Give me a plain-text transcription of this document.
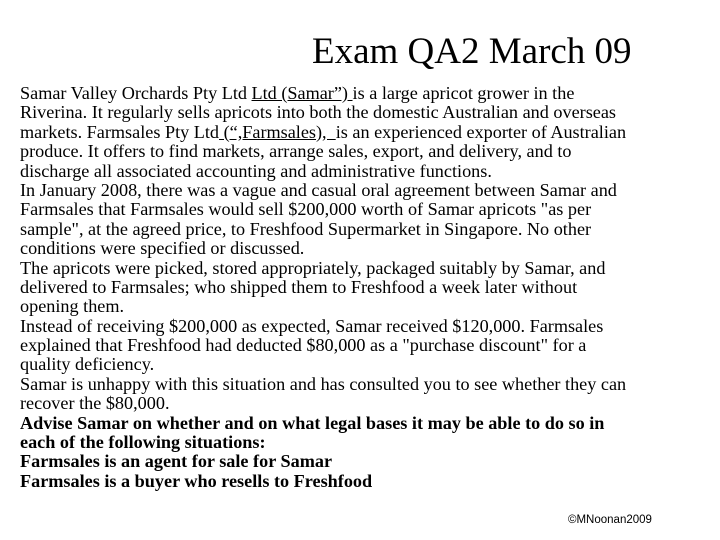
Exam QA2 March 09
Samar Valley Orchards Pty Ltd Ltd (Samar”) is a large apricot grower in the
Riverina. It regularly sells apricots into both the domestic Australian and overseas
markets. Farmsales Pty Ltd (“,Farmsales),  is an experienced exporter of Australian
produce. It offers to find markets, arrange sales, export, and delivery, and to
discharge all associated accounting and administrative functions.
In January 2008, there was a vague and casual oral agreement between Samar and
Farmsales that Farmsales would sell $200,000 worth of Samar apricots "as per
sample", at the agreed price, to Freshfood Supermarket in Singapore. No other
conditions were specified or discussed.
The apricots were picked, stored appropriately, packaged suitably by Samar, and
delivered to Farmsales; who shipped them to Freshfood a week later without
opening them.
Instead of receiving $200,000 as expected, Samar received $120,000. Farmsales
explained that Freshfood had deducted $80,000 as a "purchase discount" for a
quality deficiency.
Samar is unhappy with this situation and has consulted you to see whether they can
recover the $80,000.
Advise Samar on whether and on what legal bases it may be able to do so in
each of the following situations:
Farmsales is an agent for sale for Samar
Farmsales is a buyer who resells to Freshfood
©MNoonan2009
